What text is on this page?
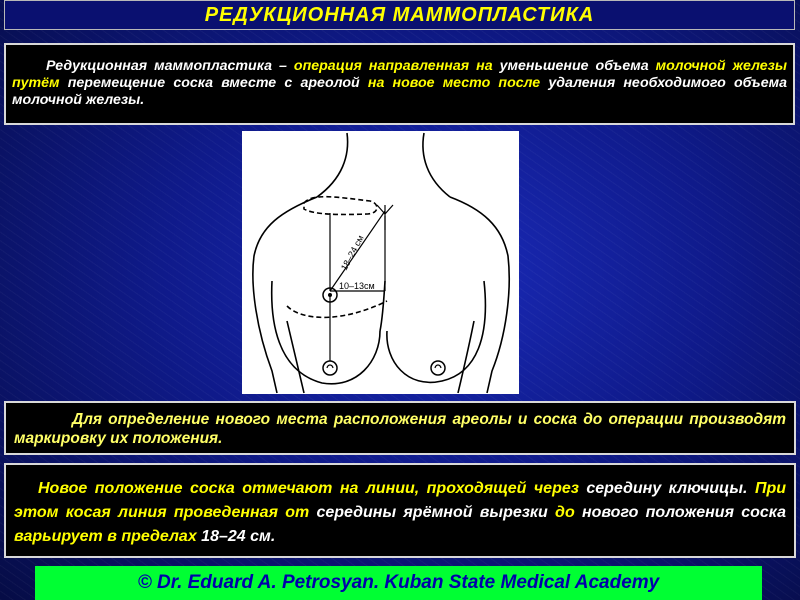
РЕДУКЦИОННАЯ МАММОПЛАСТИКА
Редукционная маммопластика – операция направленная на уменьшение объема молочной железы путём перемещение соска вместе с ареолой на новое место после удаления необходимого объема молочной железы.
18–24 см
10–13см
Для определение нового места расположения ареолы и соска до операции производят маркировку их положения.
Новое положение соска отмечают на линии, проходящей через серединy ключицы. При этом косая линия проведенная от середины ярёмной вырезки до нового положения соска варьирует в пределах 18–24 см.
© Dr. Eduard A. Petrosyan. Kuban State Medical Academy
